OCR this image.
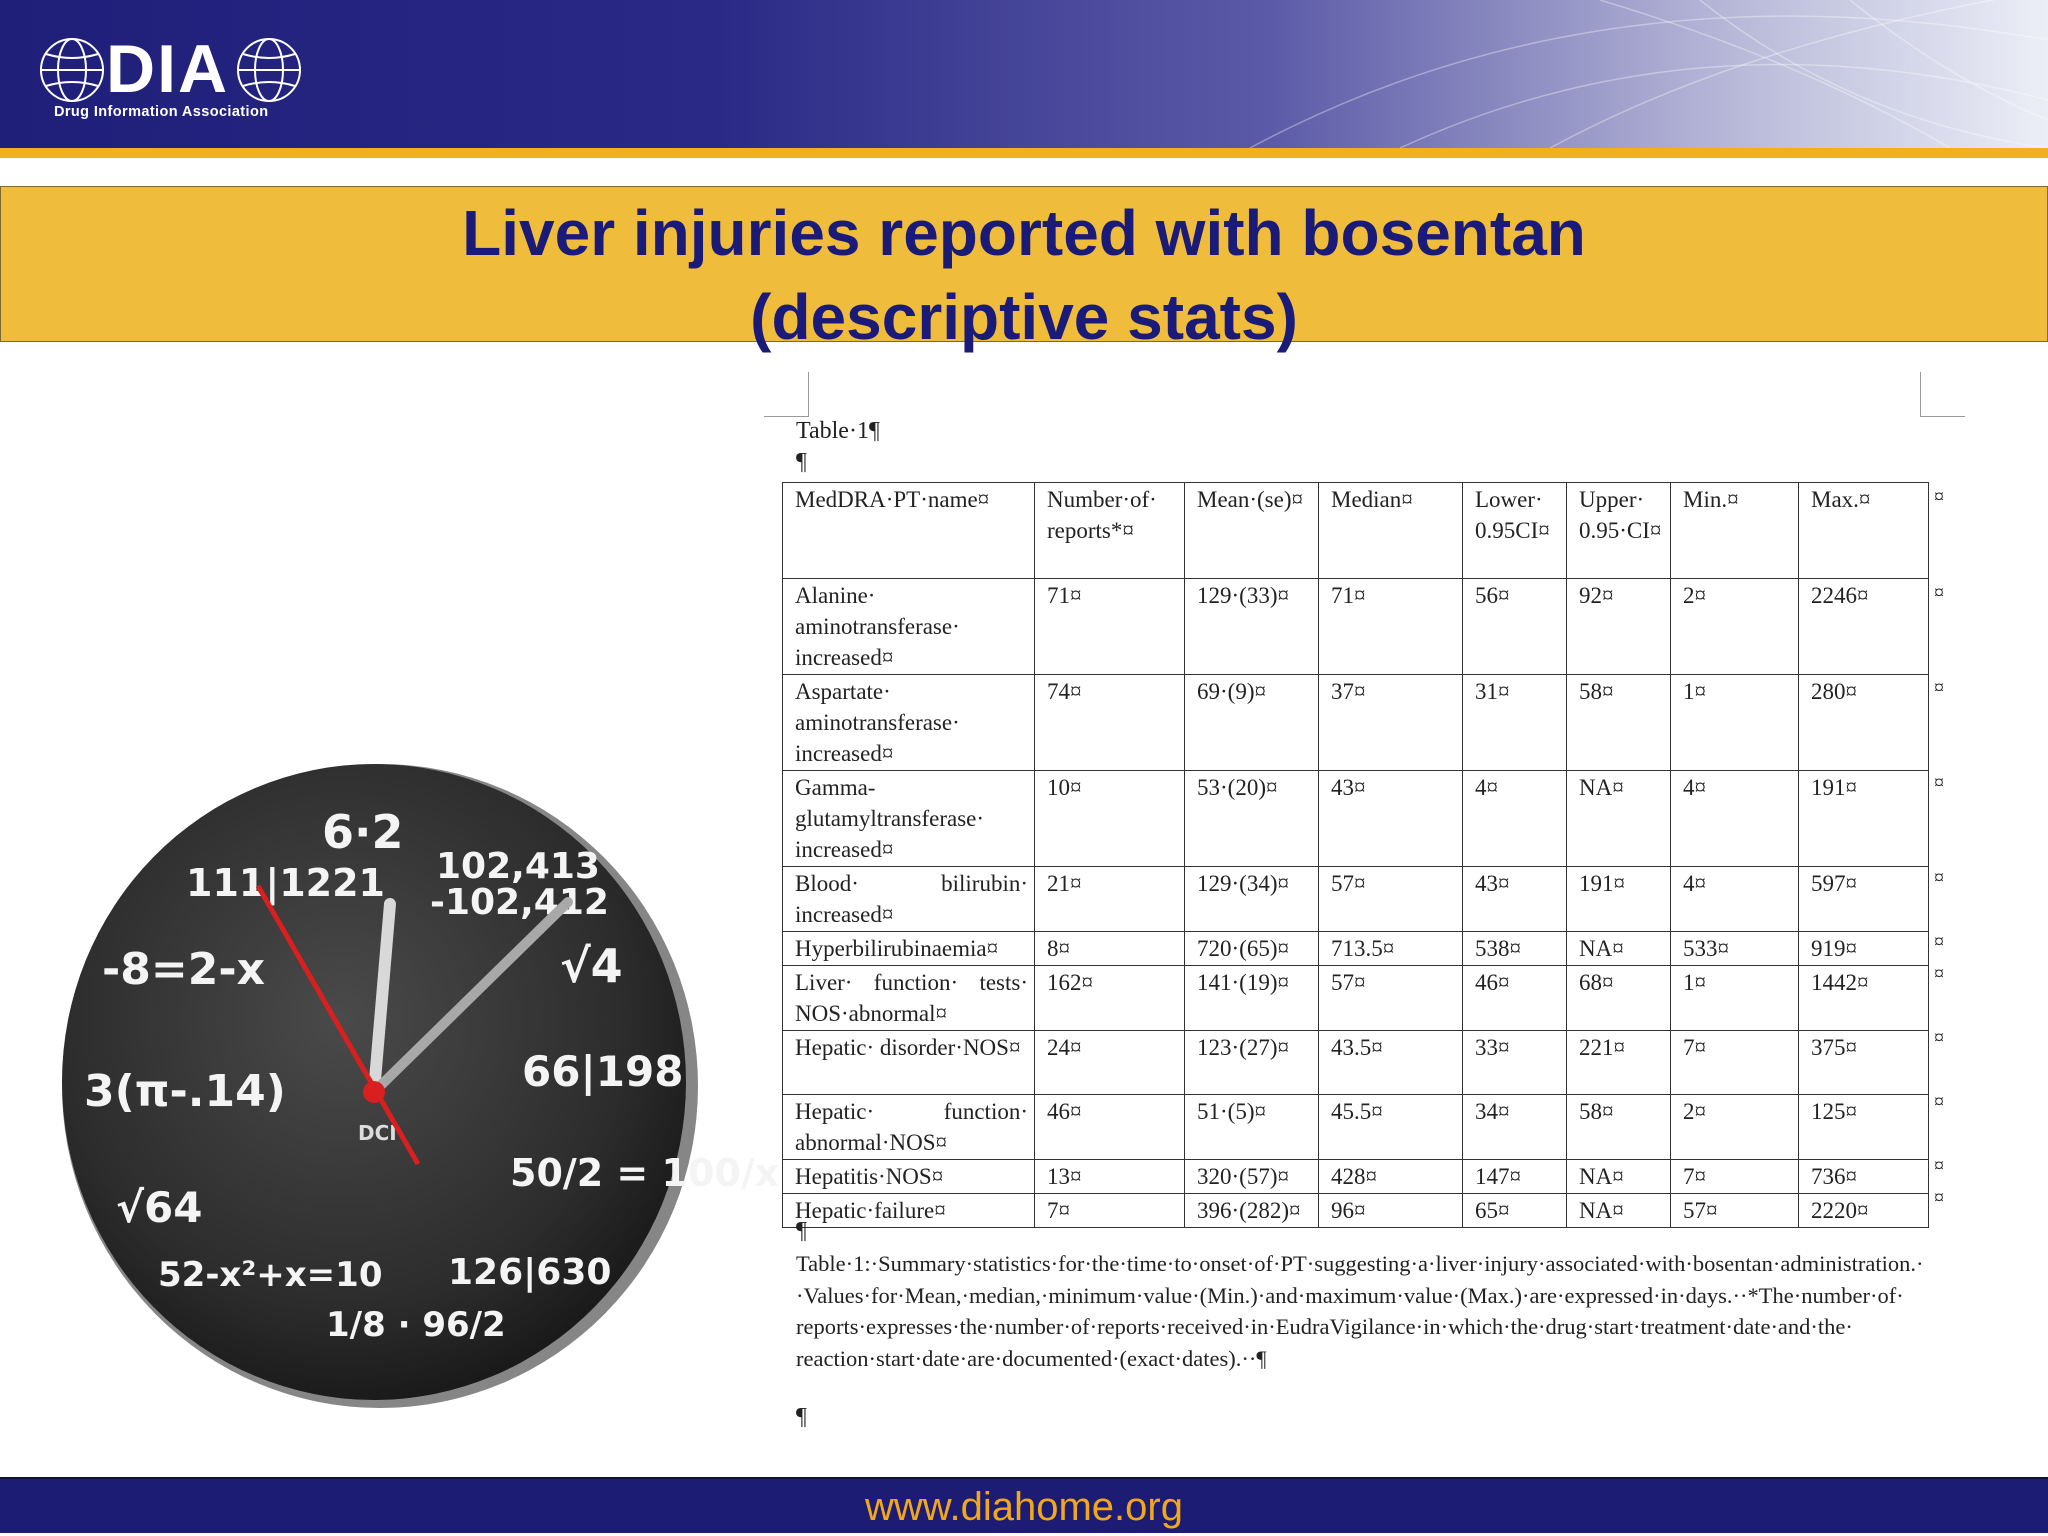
DIA
Drug Information Association
Liver injuries reported with bosentan
(descriptive stats)
6·2
111|1221 102,413
-102,412
√4
-8=2-x
66|198
3(π-.14)
50/2 = 100/x
√64
52-x²+x=10 126|630
1/8 · 96/2
DCI
Table·1¶
¶
MedDRA·​PT·​name¤	Number·​of·​reports*¤	Mean·​(se)¤	Median¤	Lower·​0.95CI¤	Upper·​0.95·​CI¤	Min.¤	Max.¤
Alanine·​aminotransferase·​increased¤	71¤	129·(33)¤	71¤	56¤	92¤	2¤	2246¤
Aspartate·​aminotransferase·​increased¤	74¤	69·(9)¤	37¤	31¤	58¤	1¤	280¤
Gamma-​glutamyltransferase·​increased¤	10¤	53·(20)¤	43¤	4¤	NA¤	4¤	191¤
Blood·​ bilirubin·​increased¤	21¤	129·(34)¤	57¤	43¤	191¤	4¤	597¤
Hyperbilirubinaemia¤	8¤	720·(65)¤	713.5¤	538¤	NA¤	533¤	919¤
Liver·​ function·​ tests·​NOS·​abnormal¤	162¤	141·(19)¤	57¤	46¤	68¤	1¤	1442¤
Hepatic·​ disorder·​NOS¤	24¤	123·(27)¤	43.5¤	33¤	221¤	7¤	375¤
Hepatic·​ function·​abnormal·​NOS¤	46¤	51·(5)¤	45.5¤	34¤	58¤	2¤	125¤
Hepatitis·​NOS¤	13¤	320·(57)¤	428¤	147¤	NA¤	7¤	736¤
Hepatic·​failure¤	7¤	396·(282)¤	96¤	65¤	NA¤	57¤	2220¤
¤
¤
¤
¤
¤
¤
¤
¤
¤
¤
¤
¶
Table·​1:·​Summary·​statistics·​for·​the·​time·​to·​onset·​of·​PT·​suggesting·​a·​liver·​injury·​associated·​with·​bosentan·​administration.·​·​Values·​for·​Mean,·​median,·​minimum·​value·​(Min.)·​and·​maximum·​value·​(Max.)·​are·​expressed·​in·​days.·​·​*The·​number·​of·​reports·​expresses·​the·​number·​of·​reports·​received·​in·​EudraVigilance·​in·​which·​the·​drug·​start·​treatment·​date·​and·​the·​reaction·​start·​date·​are·​documented·​(exact·​dates).·​·​¶
¶
www.diahome.org
